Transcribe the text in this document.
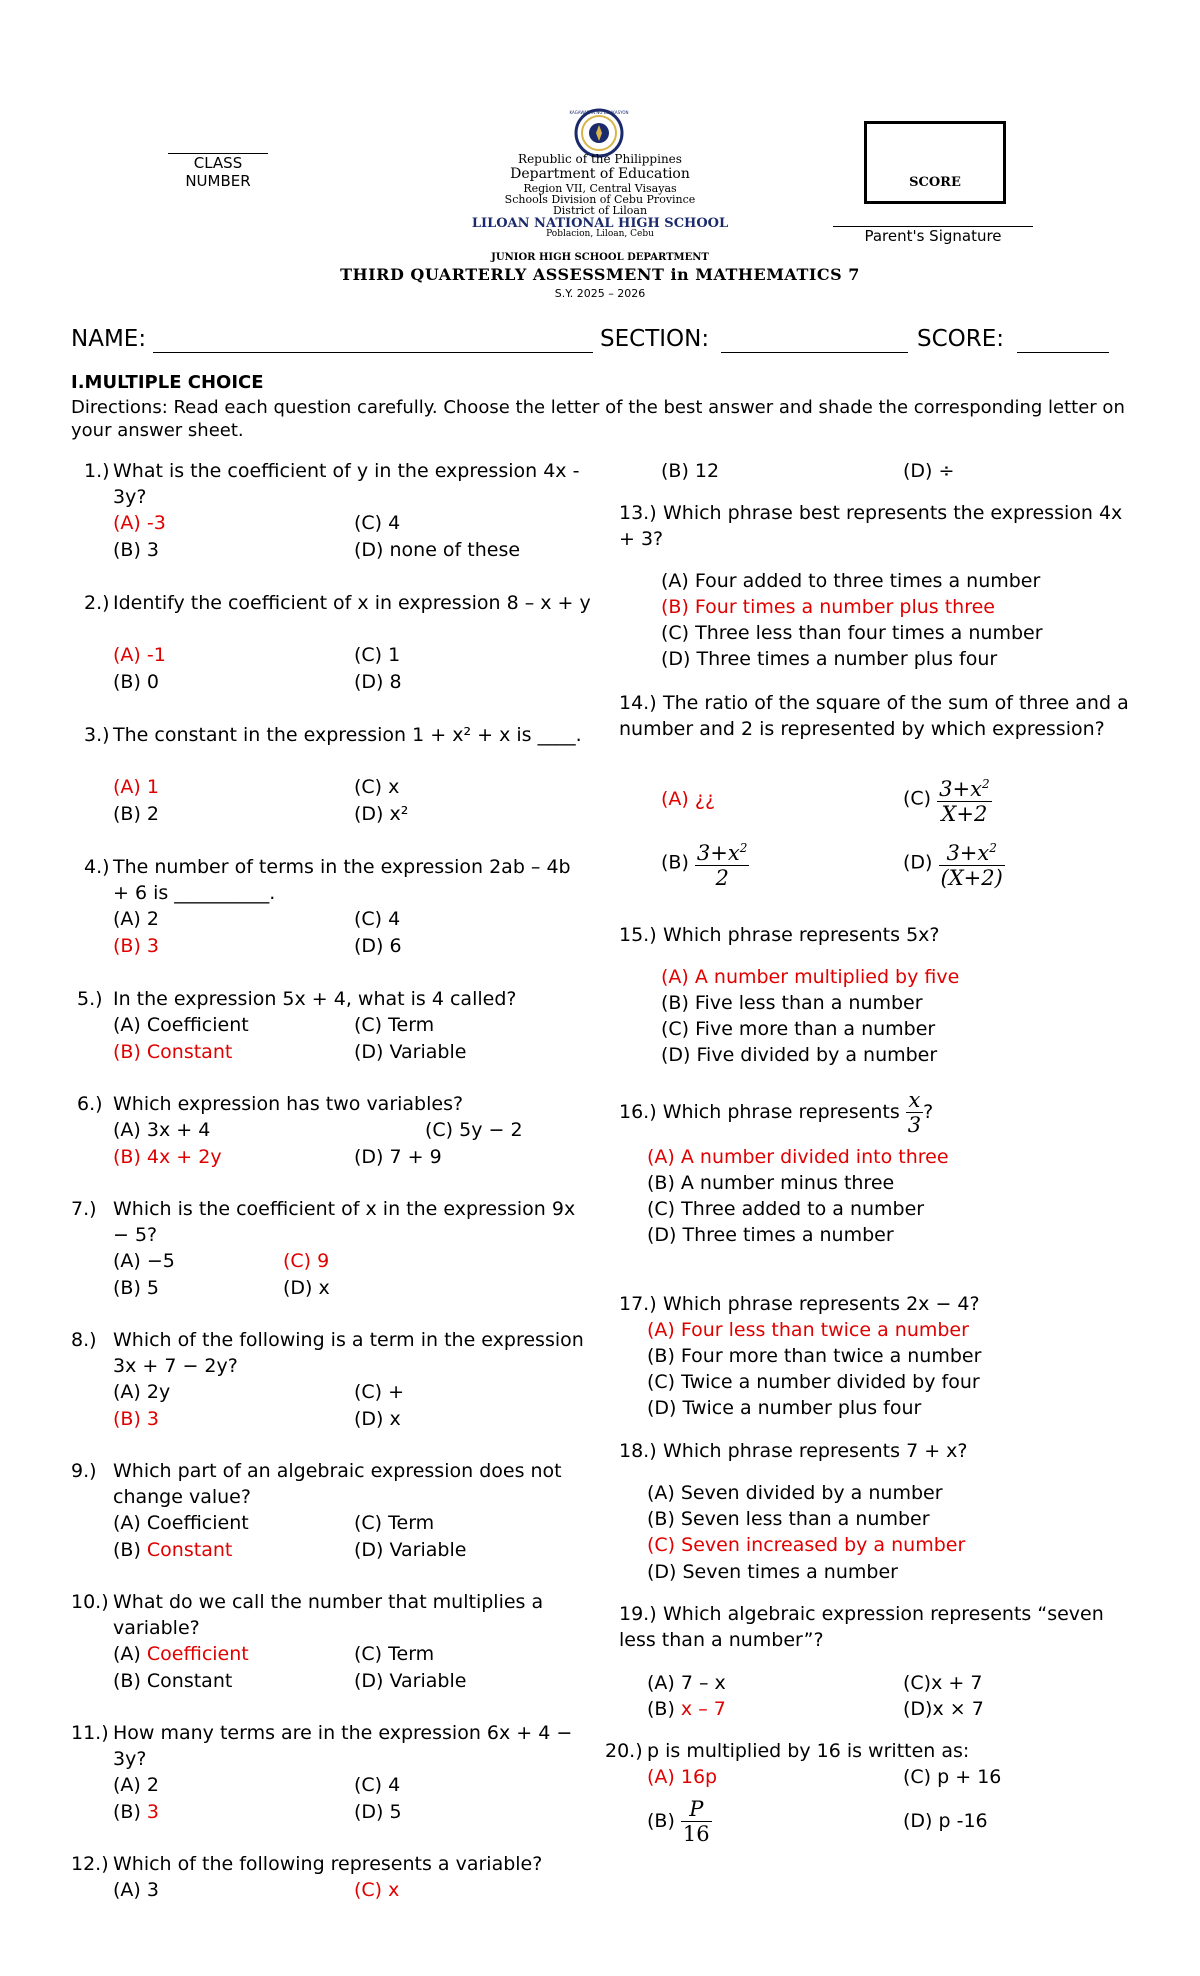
CLASS
NUMBER
KAGAWARAN NG EDUKASYON
Republic of the Philippines
Department of Education
Region VII, Central Visayas
Schools Division of Cebu Province
District of Liloan
LILOAN NATIONAL HIGH SCHOOL
Poblacion, Liloan, Cebu
JUNIOR HIGH SCHOOL DEPARTMENT
THIRD QUARTERLY ASSESSMENT in MATHEMATICS 7
S.Y. 2025 – 2026
SCORE
Parent's Signature
NAME:	SECTION:	SCORE:
I.MULTIPLE CHOICE
Directions: Read each question carefully. Choose the letter of the best answer and shade the corresponding letter on your answer sheet.
1.) What is the coefficient of y in the expression 4x - 3y?
(A) -3	(C) 4
(B) 3	(D) none of these
2.) Identify the coefficient of x in expression 8 – x + y
(A) -1	(C) 1
(B) 0	(D) 8
3.) The constant in the expression 1 + x² + x is ____.
(A) 1	(C) x
(B) 2	(D) x²
4.) The number of terms in the expression 2ab – 4b + 6 is __________.
(A) 2	(C) 4
(B) 3	(D) 6
5.) In the expression 5x + 4, what is 4 called?
(A) Coefficient	(C) Term
(B) Constant	(D) Variable
6.) Which expression has two variables?
(A) 3x + 4	(C) 5y − 2
(B) 4x + 2y	(D) 7 + 9
7.) Which is the coefficient of x in the expression 9x − 5?
(A) −5	(C) 9
(B) 5	(D) x
8.) Which of the following is a term in the expression 3x + 7 − 2y?
(A) 2y	(C) +
(B) 3	(D) x
9.) Which part of an algebraic expression does not change value?
(A) Coefficient	(C) Term
(B) Constant	(D) Variable
10.) What do we call the number that multiplies a variable?
(A) Coefficient	(C) Term
(B) Constant	(D) Variable
11.) How many terms are in the expression 6x + 4 − 3y?
(A) 2	(C) 4
(B) 3	(D) 5
12.) Which of the following represents a variable?
(A) 3	(C) x
(B) 12	(D) ÷
13.) Which phrase best represents the expression 4x + 3?
(A) Four added to three times a number
(B) Four times a number plus three
(C) Three less than four times a number
(D) Three times a number plus four
14.) The ratio of the square of the sum of three and a number and 2 is represented by which expression?
(A) ¿¿	$(C) \frac{3+x^2}{X+2}$
$(B) \frac{3+x^2}{2}$	$(D) \frac{3+x^2}{(X+2)}$
15.) Which phrase represents 5x?
(A) A number multiplied by five
(B) Five less than a number
(C) Five more than a number
(D) Five divided by a number
16.) Which phrase represents $\frac{x}{3}$ ?
(A) A number divided into three
(B) A number minus three
(C) Three added to a number
(D) Three times a number
17.) Which phrase represents 2x − 4?
(A) Four less than twice a number
(B) Four more than twice a number
(C) Twice a number divided by four
(D) Twice a number plus four
18.) Which phrase represents 7 + x?
(A) Seven divided by a number
(B) Seven less than a number
(C) Seven increased by a number
(D) Seven times a number
19.) Which algebraic expression represents “seven less than a number”?
(A) 7 – x	(C)x + 7
(B) x – 7	(D)x × 7
20.) p is multiplied by 16 is written as:
(A) 16p	(C) p + 16
$(B) \frac{P}{16}$	(D) p -16
